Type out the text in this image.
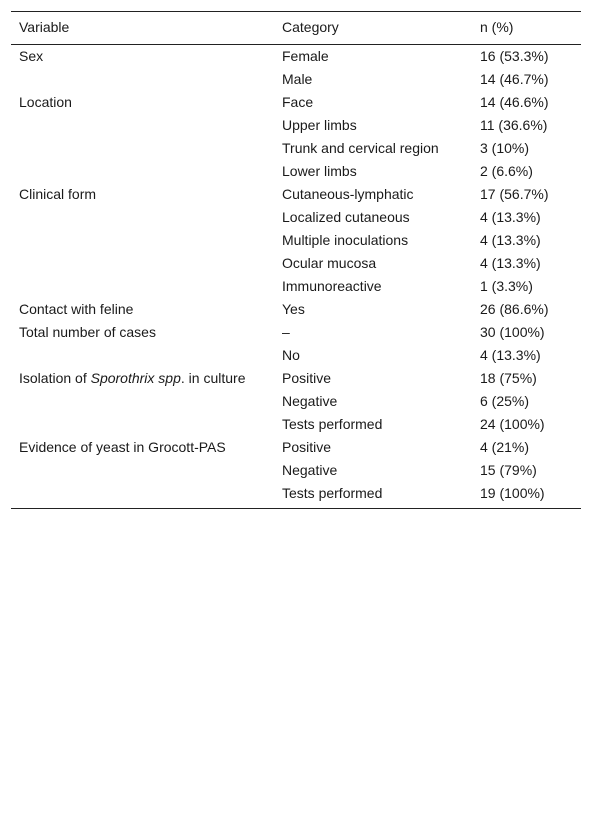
Variable	Category	n (%)
Sex	Female	16 (53.3%)
	Male	14 (46.7%)
Location	Face	14 (46.6%)
	Upper limbs	11 (36.6%)
	Trunk and cervical region	3 (10%)
	Lower limbs	2 (6.6%)
Clinical form	Cutaneous-lymphatic	17 (56.7%)
	Localized cutaneous	4 (13.3%)
	Multiple inoculations	4 (13.3%)
	Ocular mucosa	4 (13.3%)
	Immunoreactive	1 (3.3%)
Contact with feline	Yes	26 (86.6%)
Total number of cases	–	30 (100%)
	No	4 (13.3%)
Isolation of Sporothrix spp. in culture	Positive	18 (75%)
	Negative	6 (25%)
	Tests performed	24 (100%)
Evidence of yeast in Grocott-PAS	Positive	4 (21%)
	Negative	15 (79%)
	Tests performed	19 (100%)
